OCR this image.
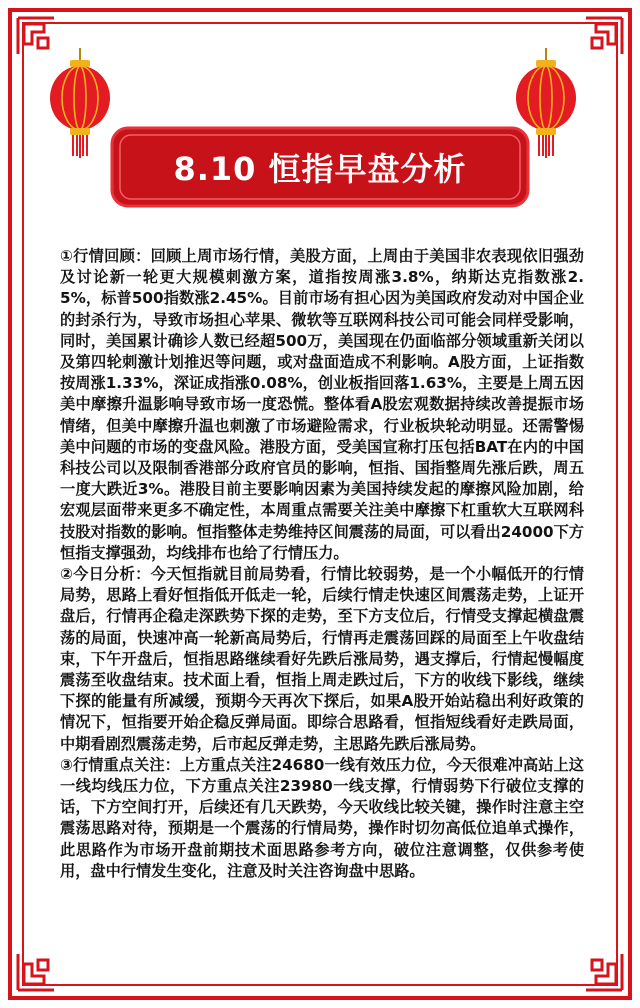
8.10 恒指早盘分析

①行情回顾：回顾上周市场行情，美股方面，上周由于美国非农表现依旧强劲及讨论新一轮更大规模刺激方案，道指按周涨3.8%，纳斯达克指数涨2.5%，标普500指数涨2.45%。目前市场有担心因为美国政府发动对中国企业的封杀行为，导致市场担心苹果、微软等互联网科技公司可能会同样受影响，同时，美国累计确诊人数已经超500万，美国现在仍面临部分领域重新关闭以及第四轮刺激计划推迟等问题，或对盘面造成不利影响。A股方面，上证指数按周涨1.33%，深证成指涨0.08%，创业板指回落1.63%，主要是上周五因美中摩擦升温影响导致市场一度恐慌。整体看A股宏观数据持续改善提振市场情绪，但美中摩擦升温也刺激了市场避险需求，行业板块轮动明显。还需警惕美中问题的市场的变盘风险。港股方面，受美国宣称打压包括BAT在内的中国科技公司以及限制香港部分政府官员的影响，恒指、国指整周先涨后跌，周五一度大跌近3%。港股目前主要影响因素为美国持续发起的摩擦风险加剧，给宏观层面带来更多不确定性，本周重点需要关注美中摩擦下杠重软大互联网科技股对指数的影响。恒指整体走势维持区间震荡的局面，可以看出24000下方恒指支撑强劲，均线排布也给了行情压力。

②今日分析：今天恒指就目前局势看，行情比较弱势，是一个小幅低开的行情局势，思路上看好恒指低开低走一轮，后续行情走快速区间震荡走势，上证开盘后，行情再企稳走深跌势下探的走势，至下方支位后，行情受支撑起横盘震荡的局面，快速冲高一轮新高局势后，行情再走震荡回踩的局面至上午收盘结束，下午开盘后，恒指思路继续看好先跌后涨局势，遇支撑后，行情起慢幅度震荡至收盘结束。技术面上看，恒指上周走跌过后，下方的收线下影线，继续下探的能量有所减缓，预期今天再次下探后，如果A股开始站稳出利好政策的情况下，恒指要开始企稳反弹局面。即综合思路看，恒指短线看好走跌局面，中期看剧烈震荡走势，后市起反弹走势，主思路先跌后涨局势。

③行情重点关注：上方重点关注24680一线有效压力位，今天很难冲高站上这一线均线压力位，下方重点关注23980一线支撑，行情弱势下行破位支撑的话，下方空间打开，后续还有几天跌势，今天收线比较关键，操作时注意主空震荡思路对待，预期是一个震荡的行情局势，操作时切勿高低位追单式操作，此思路作为市场开盘前期技术面思路参考方向，破位注意调整，仅供参考使用，盘中行情发生变化，注意及时关注咨询盘中思路。
